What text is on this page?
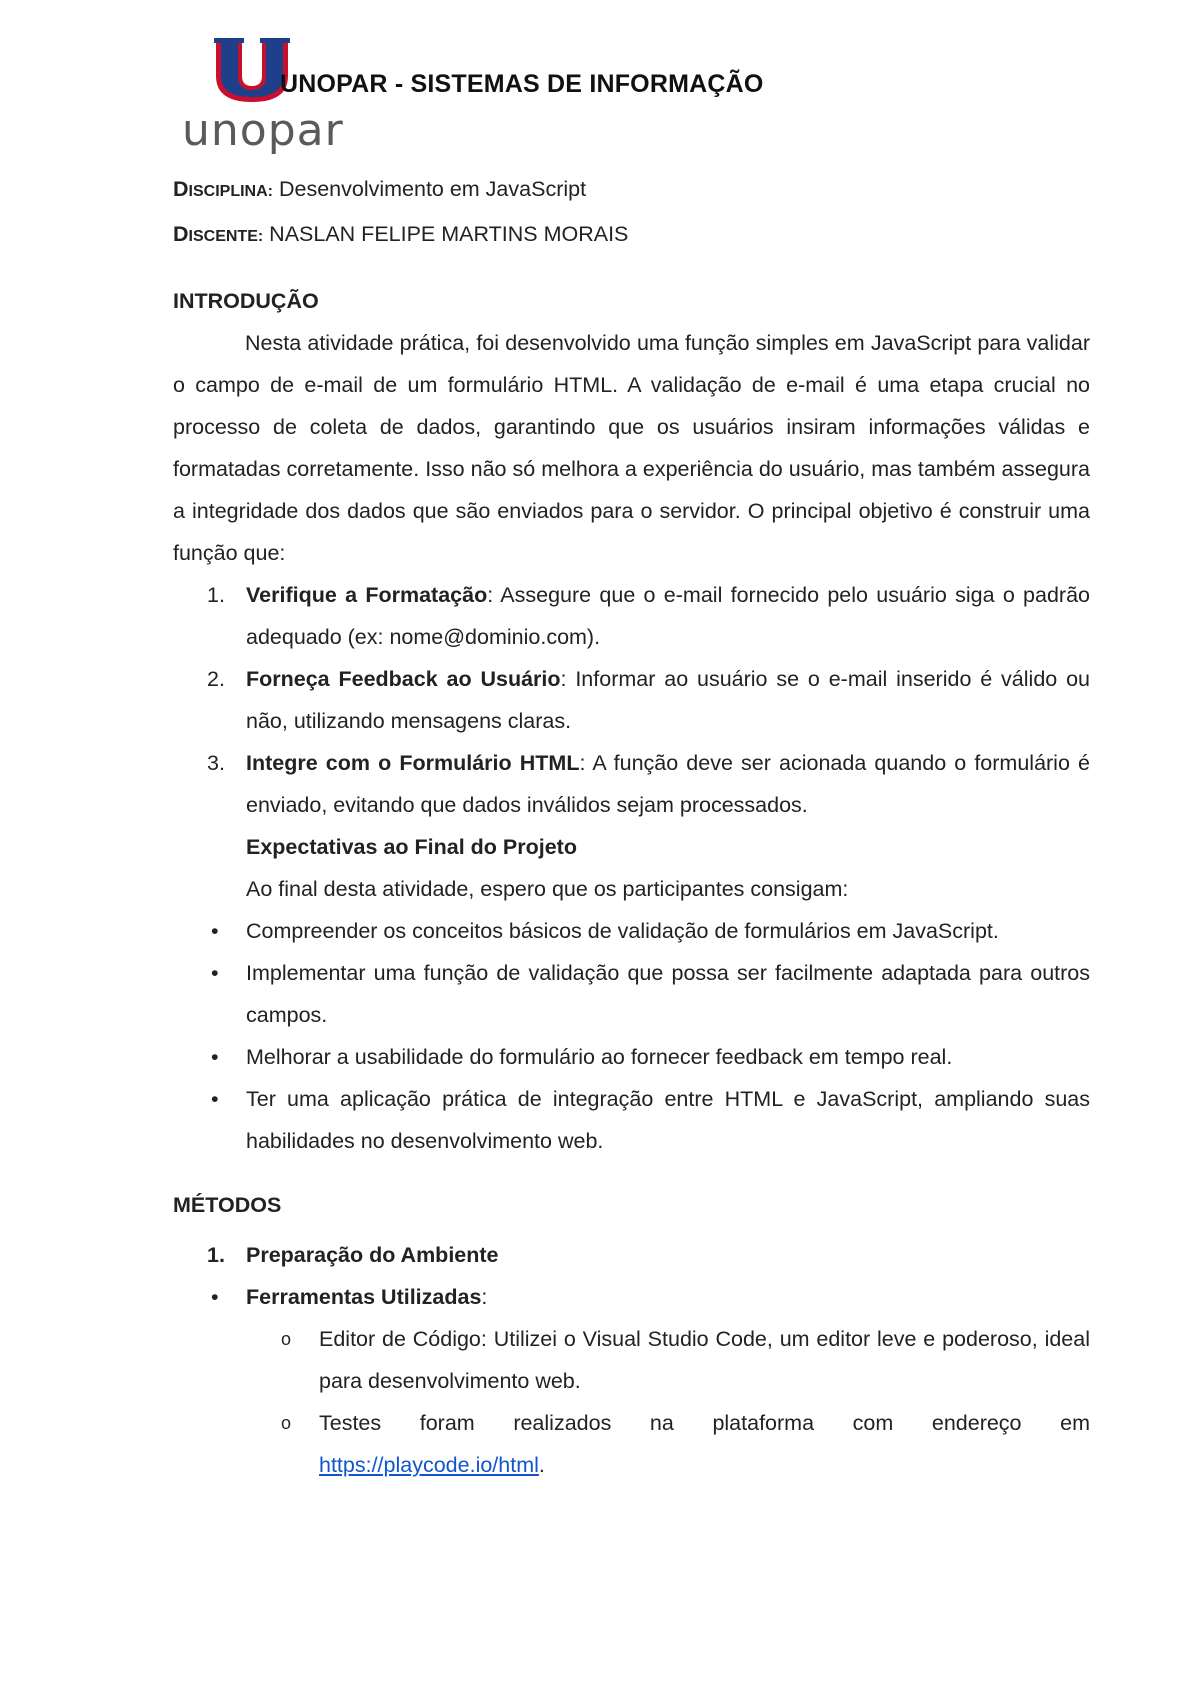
unopar
UNOPAR - SISTEMAS DE INFORMAÇÃO
DISCIPLINA: Desenvolvimento em JavaScript
DISCENTE: NASLAN FELIPE MARTINS MORAIS
INTRODUÇÃO
Nesta atividade prática, foi desenvolvido uma função simples em JavaScript para validar o campo de e-mail de um formulário HTML. A validação de e-mail é uma etapa crucial no processo de coleta de dados, garantindo que os usuários insiram informações válidas e formatadas corretamente. Isso não só melhora a experiência do usuário, mas também assegura a integridade dos dados que são enviados para o servidor. O principal objetivo é construir uma função que:
1. Verifique a Formatação: Assegure que o e-mail fornecido pelo usuário siga o padrão adequado (ex: nome@dominio.com).
2. Forneça Feedback ao Usuário: Informar ao usuário se o e-mail inserido é válido ou não, utilizando mensagens claras.
3. Integre com o Formulário HTML: A função deve ser acionada quando o formulário é enviado, evitando que dados inválidos sejam processados.
Expectativas ao Final do Projeto
Ao final desta atividade, espero que os participantes consigam:
• Compreender os conceitos básicos de validação de formulários em JavaScript.
• Implementar uma função de validação que possa ser facilmente adaptada para outros campos.
• Melhorar a usabilidade do formulário ao fornecer feedback em tempo real.
• Ter uma aplicação prática de integração entre HTML e JavaScript, ampliando suas habilidades no desenvolvimento web.
MÉTODOS
1. Preparação do Ambiente
• Ferramentas Utilizadas:
o Editor de Código: Utilizei o Visual Studio Code, um editor leve e poderoso, ideal para desenvolvimento web.
o Testes foram realizados na plataforma com endereço em https://playcode.io/html.
